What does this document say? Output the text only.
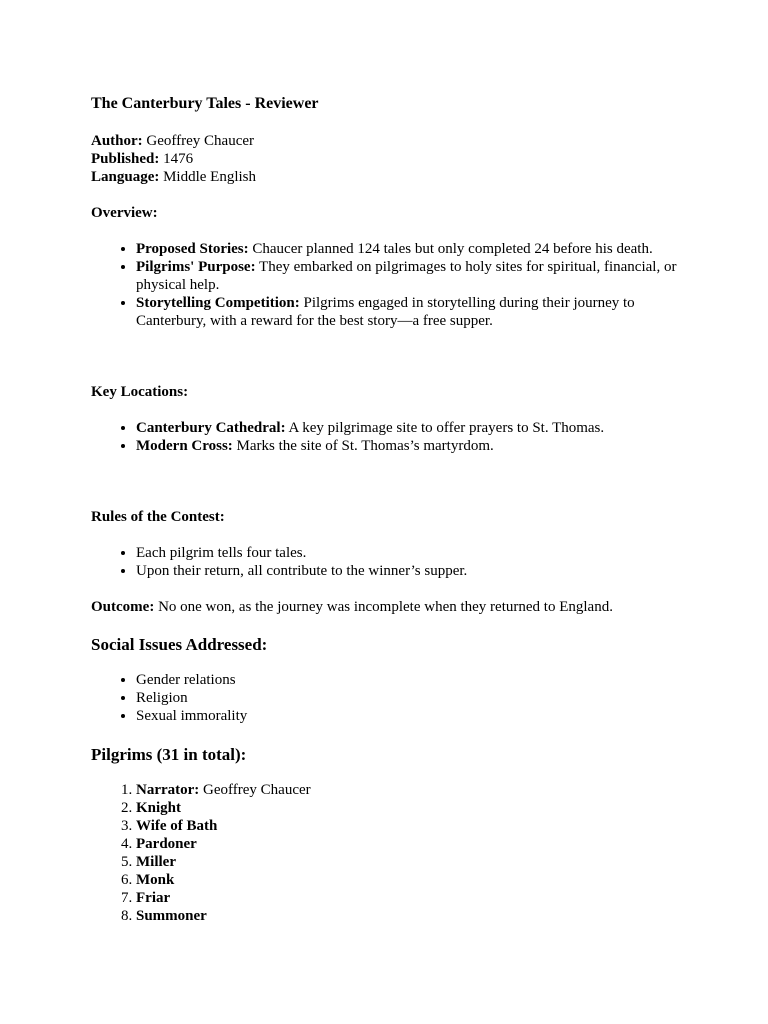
The Canterbury Tales - Reviewer

Author: Geoffrey Chaucer

Published: 1476

Language: Middle English

Overview:

• Proposed Stories: Chaucer planned 124 tales but only completed 24 before his death.
• Pilgrims' Purpose: They embarked on pilgrimages to holy sites for spiritual, financial, or physical help.
• Storytelling Competition: Pilgrims engaged in storytelling during their journey to Canterbury, with a reward for the best story—a free supper.

Key Locations:

• Canterbury Cathedral: A key pilgrimage site to offer prayers to St. Thomas.
• Modern Cross: Marks the site of St. Thomas’s martyrdom.

Rules of the Contest:

• Each pilgrim tells four tales.
• Upon their return, all contribute to the winner’s supper.

Outcome: No one won, as the journey was incomplete when they returned to England.

Social Issues Addressed:

• Gender relations
• Religion
• Sexual immorality

Pilgrims (31 in total):

1. Narrator: Geoffrey Chaucer
2. Knight
3. Wife of Bath
4. Pardoner
5. Miller
6. Monk
7. Friar
8. Summoner
